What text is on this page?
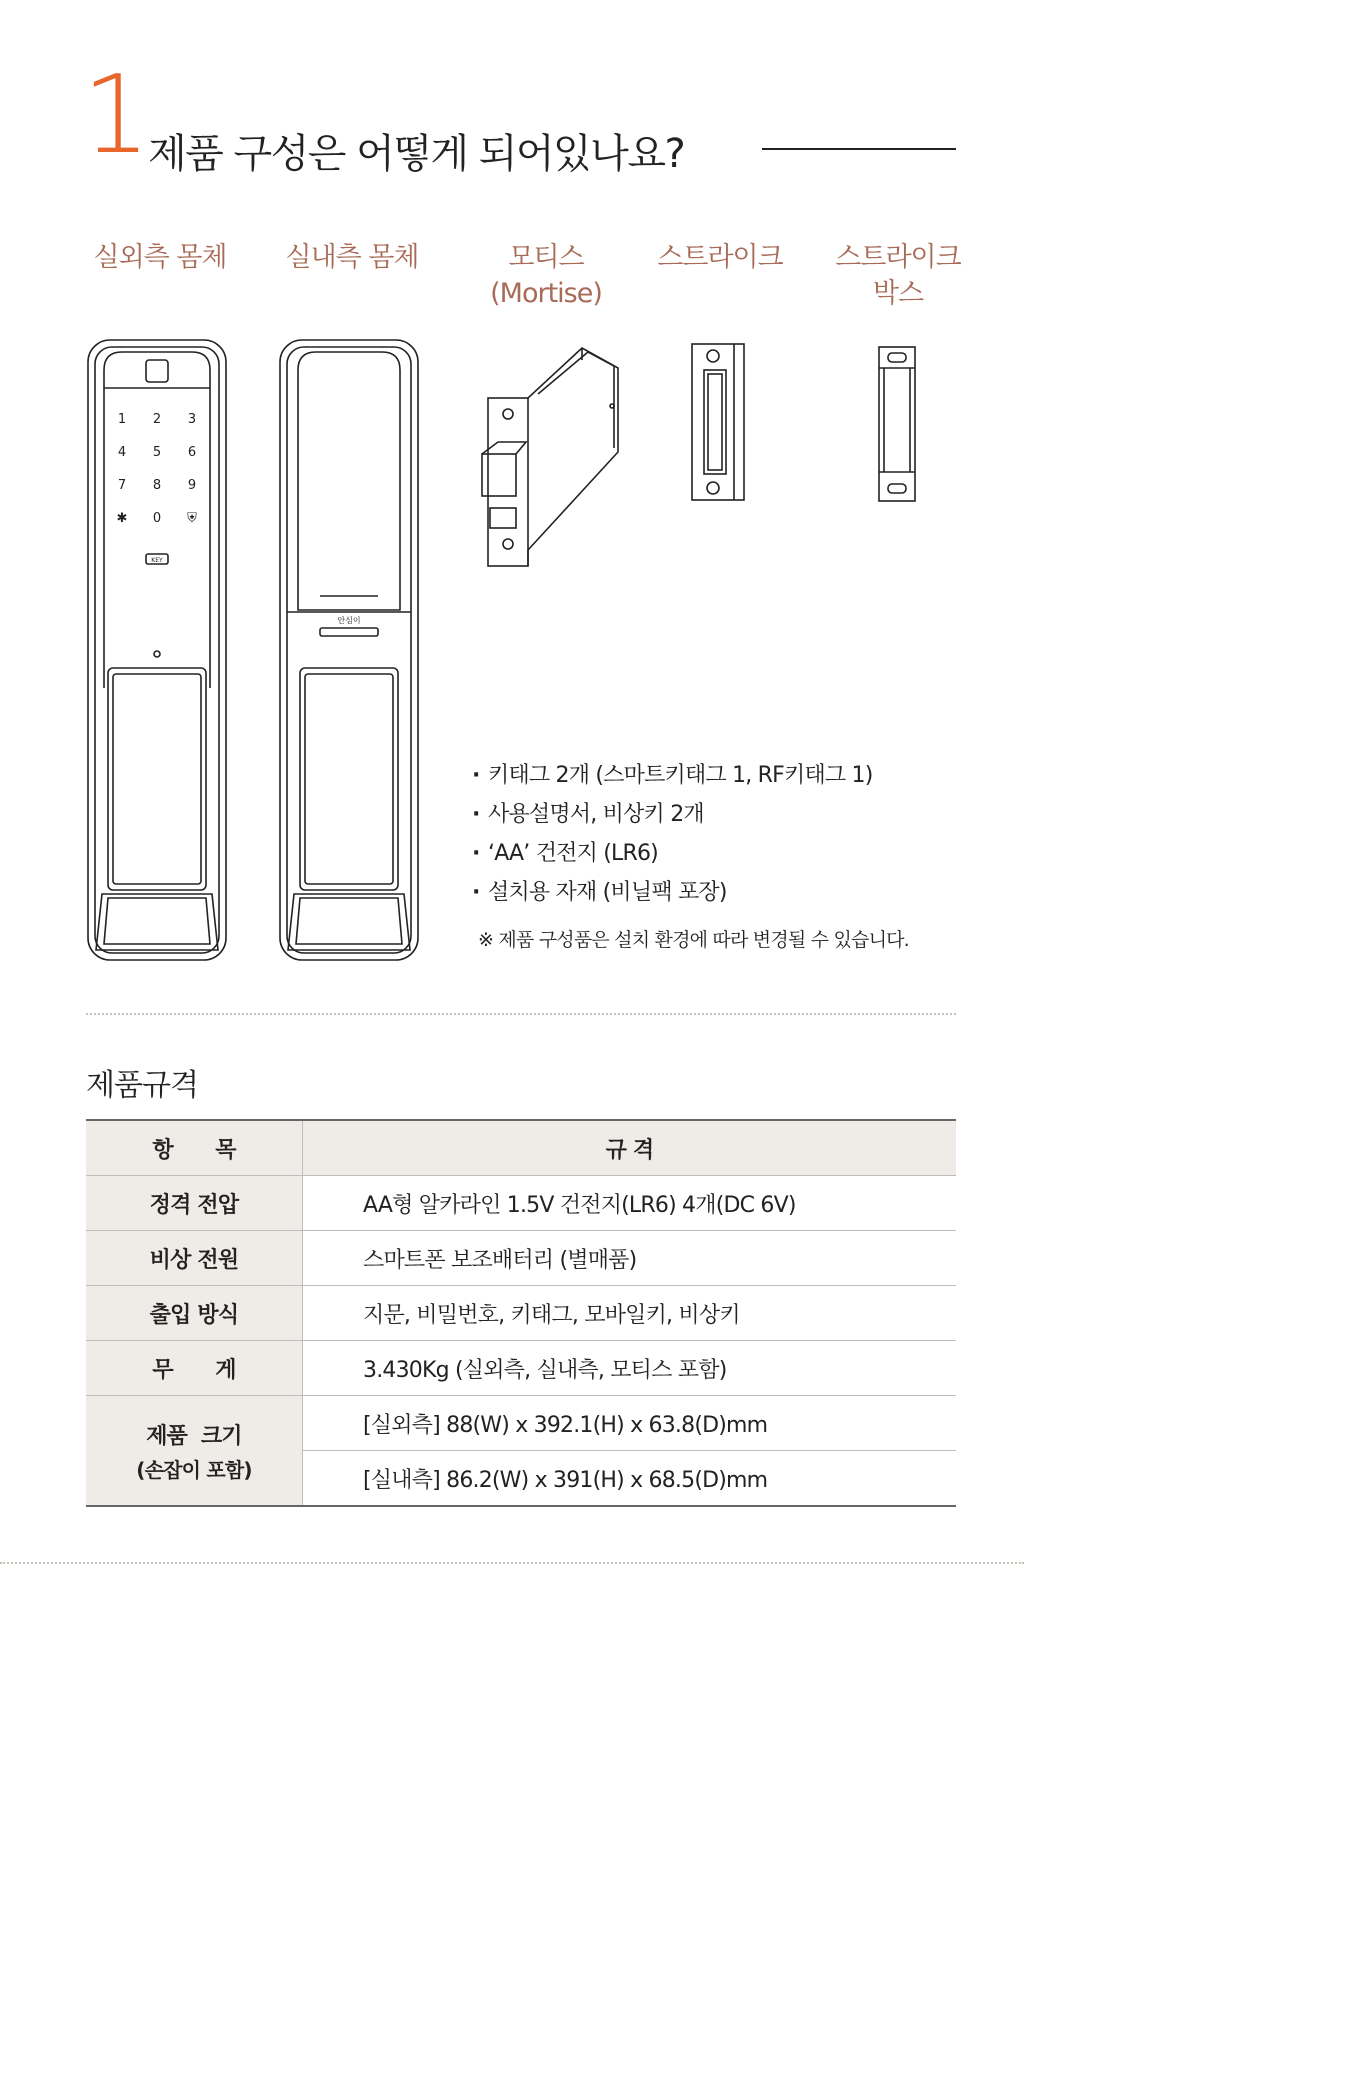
1
제품 구성은 어떻게 되어있나요?
실외측 몸체	실내측 몸체	모티스
(Mortise)
스트라이크	스트라이크
박스
1 2 3
4 5 6
7 8 9
✱ 0 ⛨
KEY
안심이
· 키태그 2개 (스마트키태그 1, RF키태그 1)
· 사용설명서, 비상키 2개
· ‘AA’ 건전지 (LR6)
· 설치용 자재 (비닐팩 포장)
※ 제품 구성품은 설치 환경에 따라 변경될 수 있습니다.
제품규격
항　　목	규 격
정격 전압	AA형 알카라인 1.5V 건전지(LR6) 4개(DC 6V)
비상 전원	스마트폰 보조배터리 (별매품)
출입 방식	지문, 비밀번호, 키태그, 모바일키, 비상키
무　　게	3.430Kg (실외측, 실내측, 모티스 포함)
제품  크기
(손잡이 포함)	[실외측] 88(W) x 392.1(H) x 63.8(D)mm
	[실내측] 86.2(W) x 391(H) x 68.5(D)mm
